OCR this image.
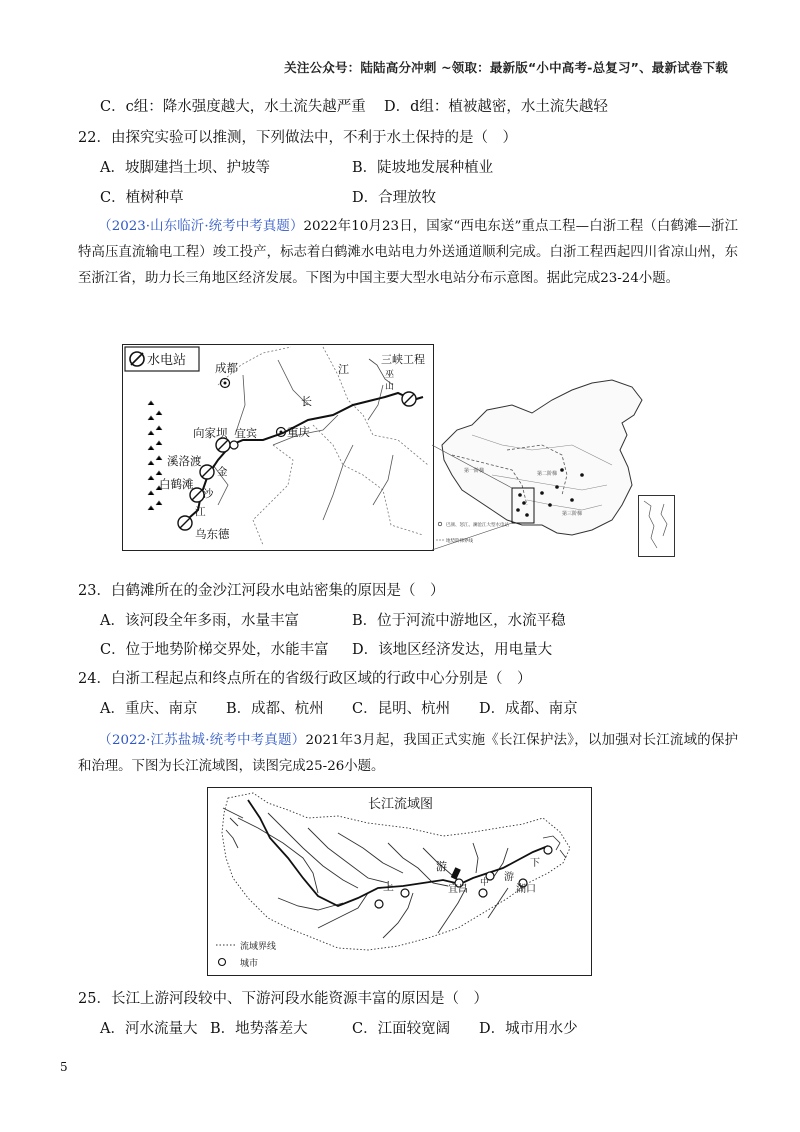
关注公众号：陆陆高分冲刺 ~领取：最新版“小中高考-总复习”、最新试卷下载
C．c组：降水强度越大，水土流失越严重 D．d组：植被越密，水土流失越轻
22．由探究实验可以推测，下列做法中，不利于水土保持的是（　）
A．坡脚建挡土坝、护坡等	B．陡坡地发展种植业
C．植树种草	D．合理放牧
（2023·山东临沂·统考中考真题）2022年10月23日，国家“西电东送”重点工程—白浙工程（白鹤滩—浙江特高压直流输电工程）竣工投产，标志着白鹤滩水电站电力外送通道顺利完成。白浙工程西起四川省凉山州，东至浙江省，助力长三角地区经济发展。下图为中国主要大型水电站分布示意图。据此完成23-24小题。
水电站	成都
重庆
宜宾
向家坝
溪洛渡
白鹤滩
乌东德
金
沙
江
江
长
三峡工程
巫
山
第一阶梯	第二阶梯
第三阶梯
巴颜、怒江、澜沧江大型水电站
地势阶梯界线
23．白鹤滩所在的金沙江河段水电站密集的原因是（　）
A．该河段全年多雨，水量丰富	B．位于河流中游地区，水流平稳
C．位于地势阶梯交界处，水能丰富 D．该地区经济发达，用电量大
24．白浙工程起点和终点所在的省级行政区域的行政中心分别是（　）
A．重庆、南京 B．成都、杭州 C．昆明、杭州 D．成都、南京
（2022·江苏盐城·统考中考真题）2021年3月起，我国正式实施《长江保护法》，以加强对长江流域的保护和治理。下图为长江流域图，读图完成25-26小题。
长江流域图
上
游
中 游
下
宜昌	湖口
流域界线
城市
25．长江上游河段较中、下游河段水能资源丰富的原因是（　）
A．河水流量大 B．地势落差大	C．江面较宽阔 D．城市用水少
5
